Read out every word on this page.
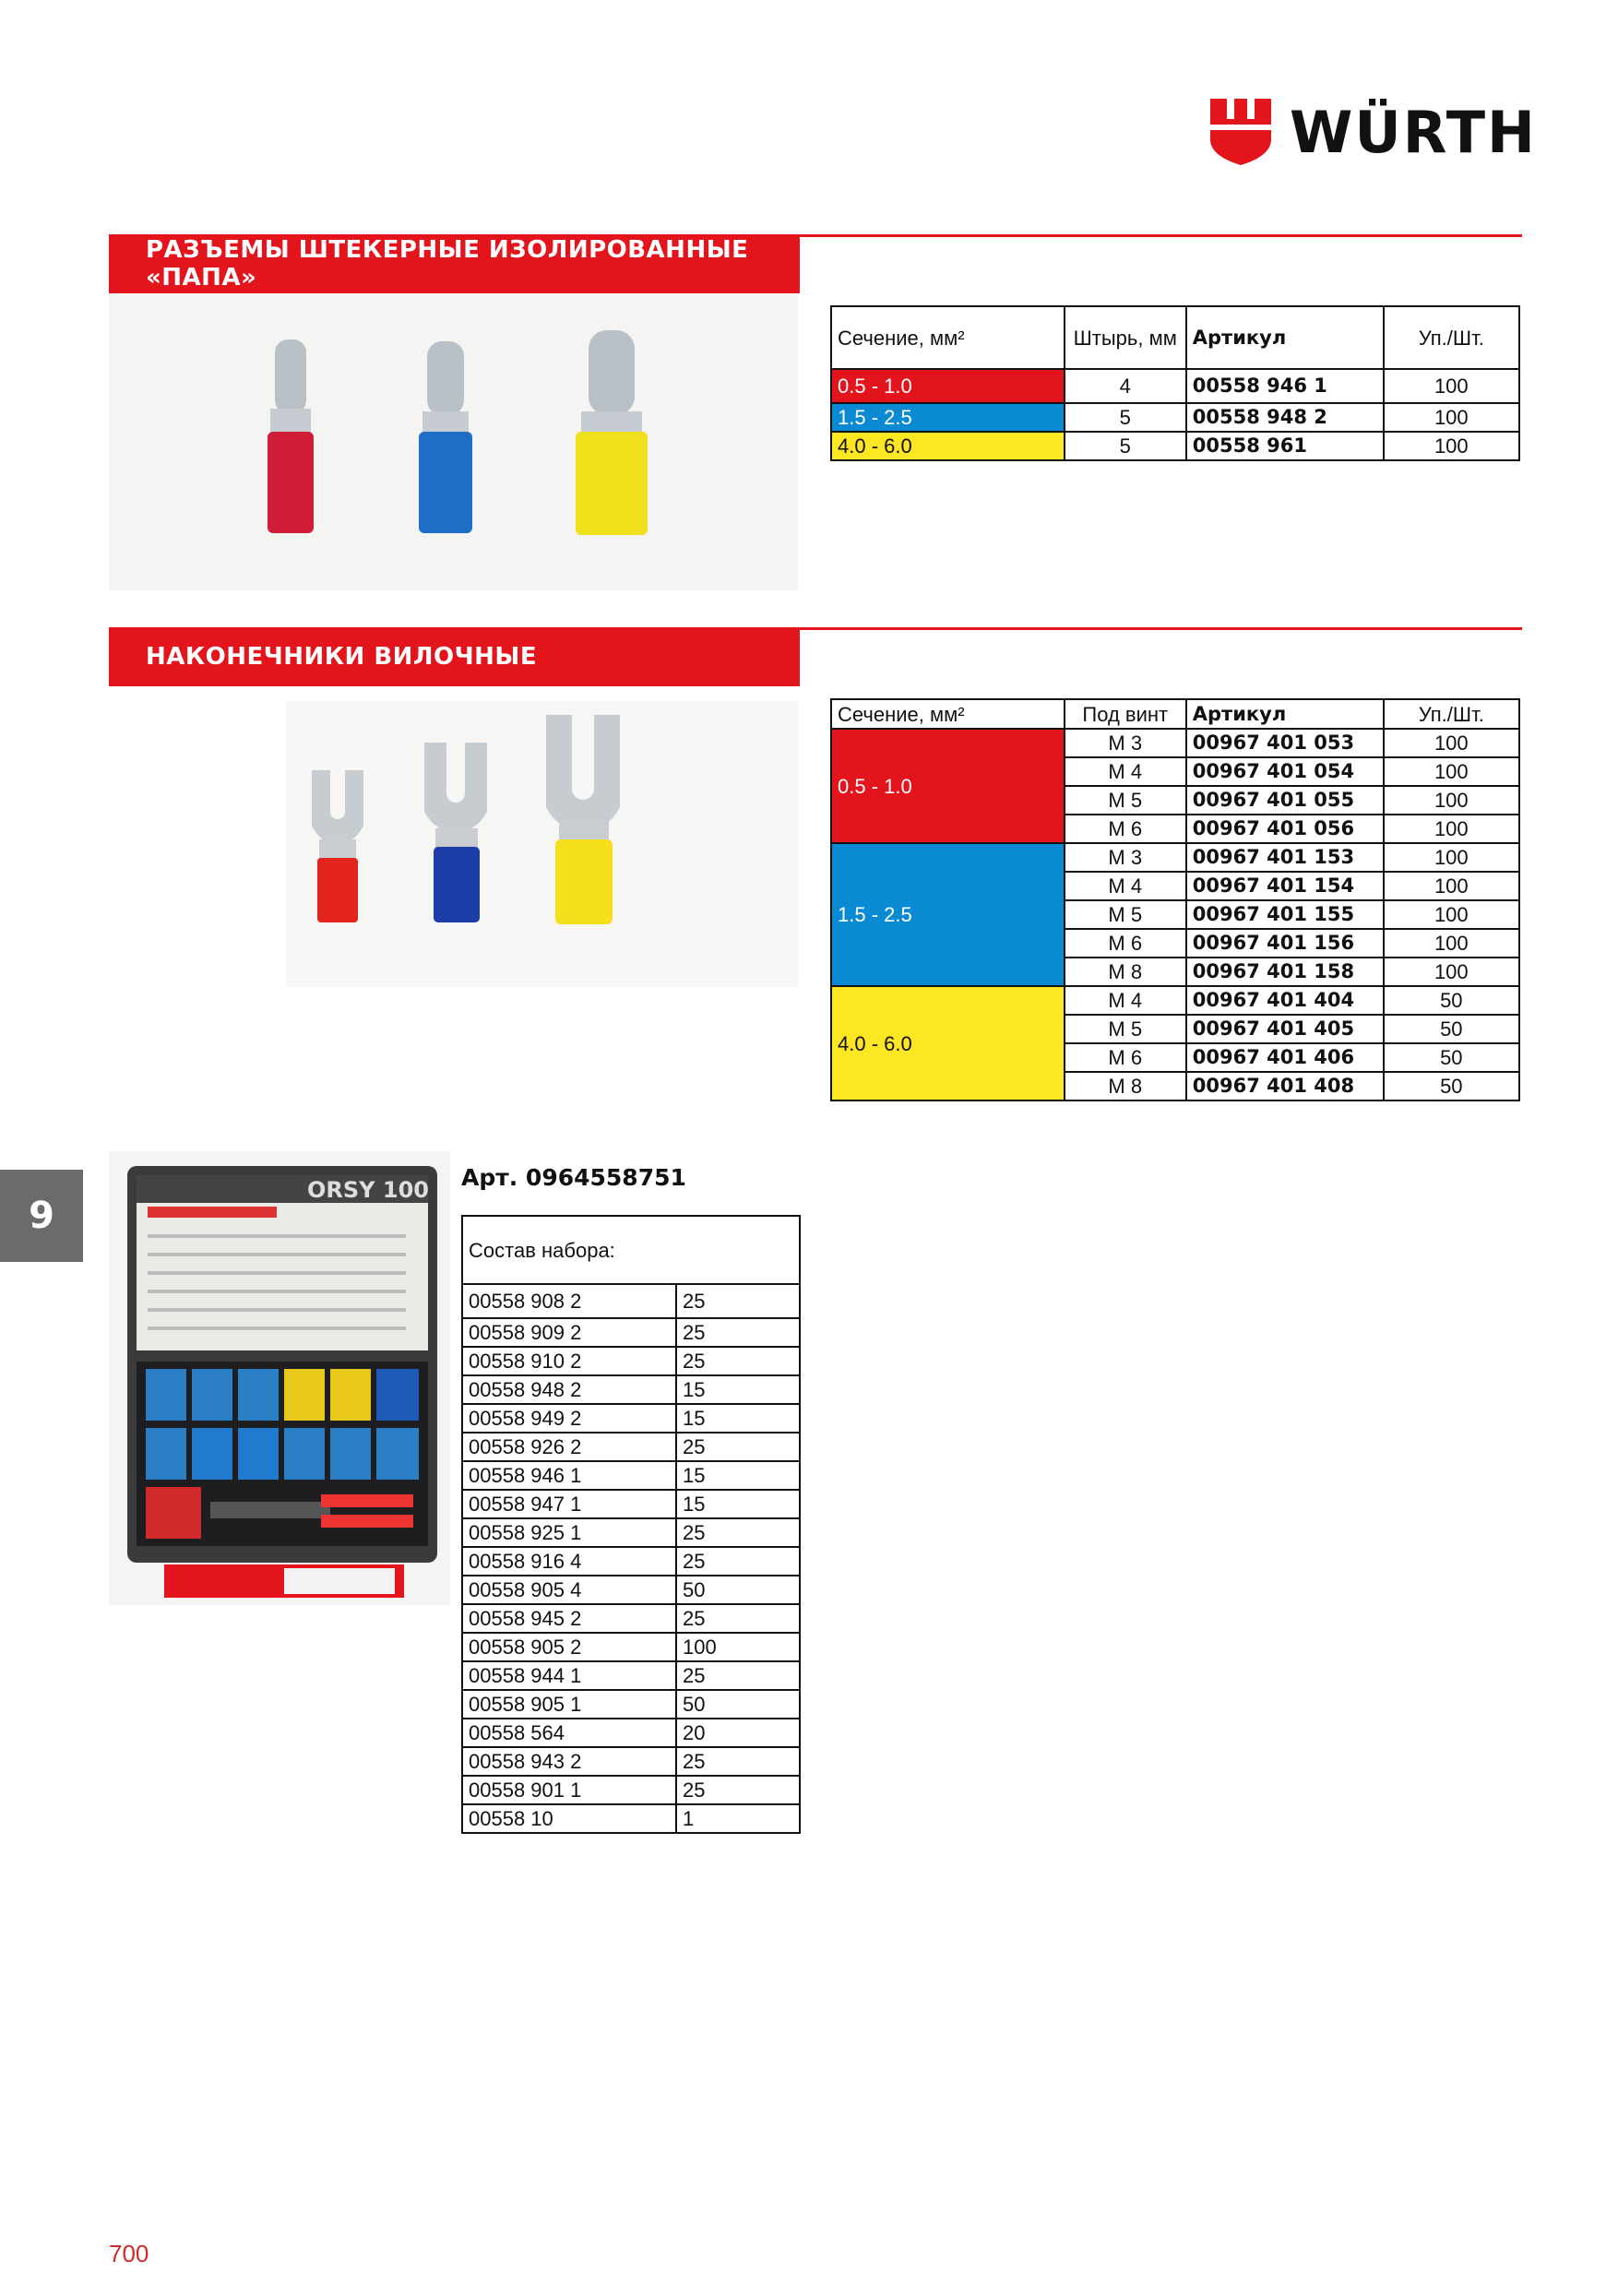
WÜRTH
РАЗЪЕМЫ ШТЕКЕРНЫЕ ИЗОЛИРОВАННЫЕ «ПАПА»
Сечение, мм²	Штырь, мм	Артикул	Уп./Шт.
0.5 - 1.0	4	00558 946 1	100
1.5 - 2.5	5	00558 948 2	100
4.0 - 6.0	5	00558 961	100
НАКОНЕЧНИКИ ВИЛОЧНЫЕ
Сечение, мм²	Под винт	Артикул	Уп./Шт.
0.5 - 1.0	M 3	00967 401 053	100
	M 4	00967 401 054	100
	M 5	00967 401 055	100
	M 6	00967 401 056	100
1.5 - 2.5	M 3	00967 401 153	100
	M 4	00967 401 154	100
	M 5	00967 401 155	100
	M 6	00967 401 156	100
	M 8	00967 401 158	100
4.0 - 6.0	M 4	00967 401 404	50
	M 5	00967 401 405	50
	M 6	00967 401 406	50
	M 8	00967 401 408	50
9
ORSY 100 Арт. 0964558751
Состав набора:	
00558 908 2	25
00558 909 2	25
00558 910 2	25
00558 948 2	15
00558 949 2	15
00558 926 2	25
00558 946 1	15
00558 947 1	15
00558 925 1	25
00558 916 4	25
00558 905 4	50
00558 945 2	25
00558 905 2	100
00558 944 1	25
00558 905 1	50
00558 564	20
00558 943 2	25
00558 901 1	25
00558 10	1
700
